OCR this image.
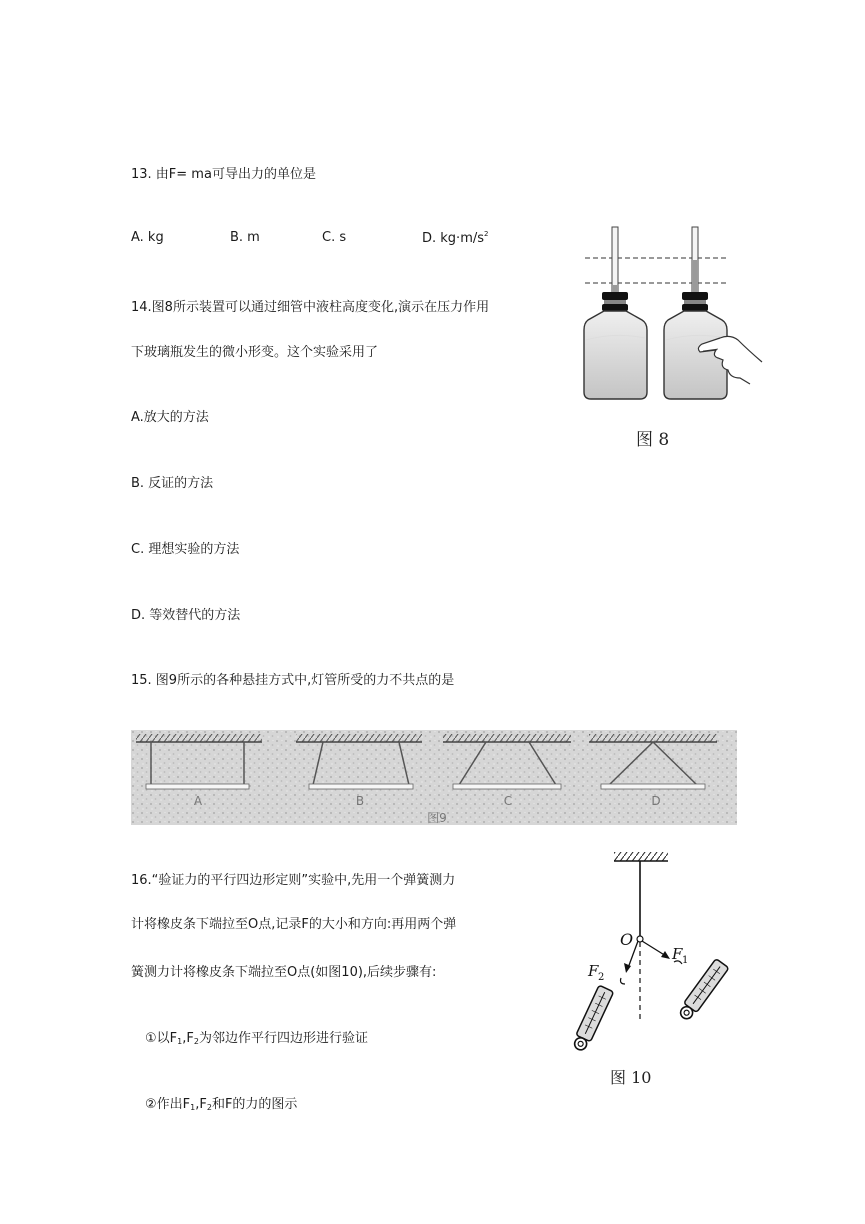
13. 由F= ma可导出力的单位是
A. kg	B. m	C. s	D. $kg\cdot m/s^2$
14.图8所示装置可以通过细管中液柱高度变化,演示在压力作用
下玻璃瓶发生的微小形变。这个实验采用了
A.放大的方法
B. 反证的方法
C. 理想实验的方法
D. 等效替代的方法
图 8
15. 图9所示的各种悬挂方式中,灯管所受的力不共点的是
A	B	C	D
图9
16.“验证力的平行四边形定则”实验中,先用一个弹簧测力
计将橡皮条下端拉至O点,记录F的大小和方向:再用两个弹
簧测力计将橡皮条下端拉至O点(如图10),后续步骤有:
①以$F_1,F_2$为邻边作平行四边形进行验证
②作出$F_1,F_2$和F的力的图示
O
F 1
F 2
图 10
